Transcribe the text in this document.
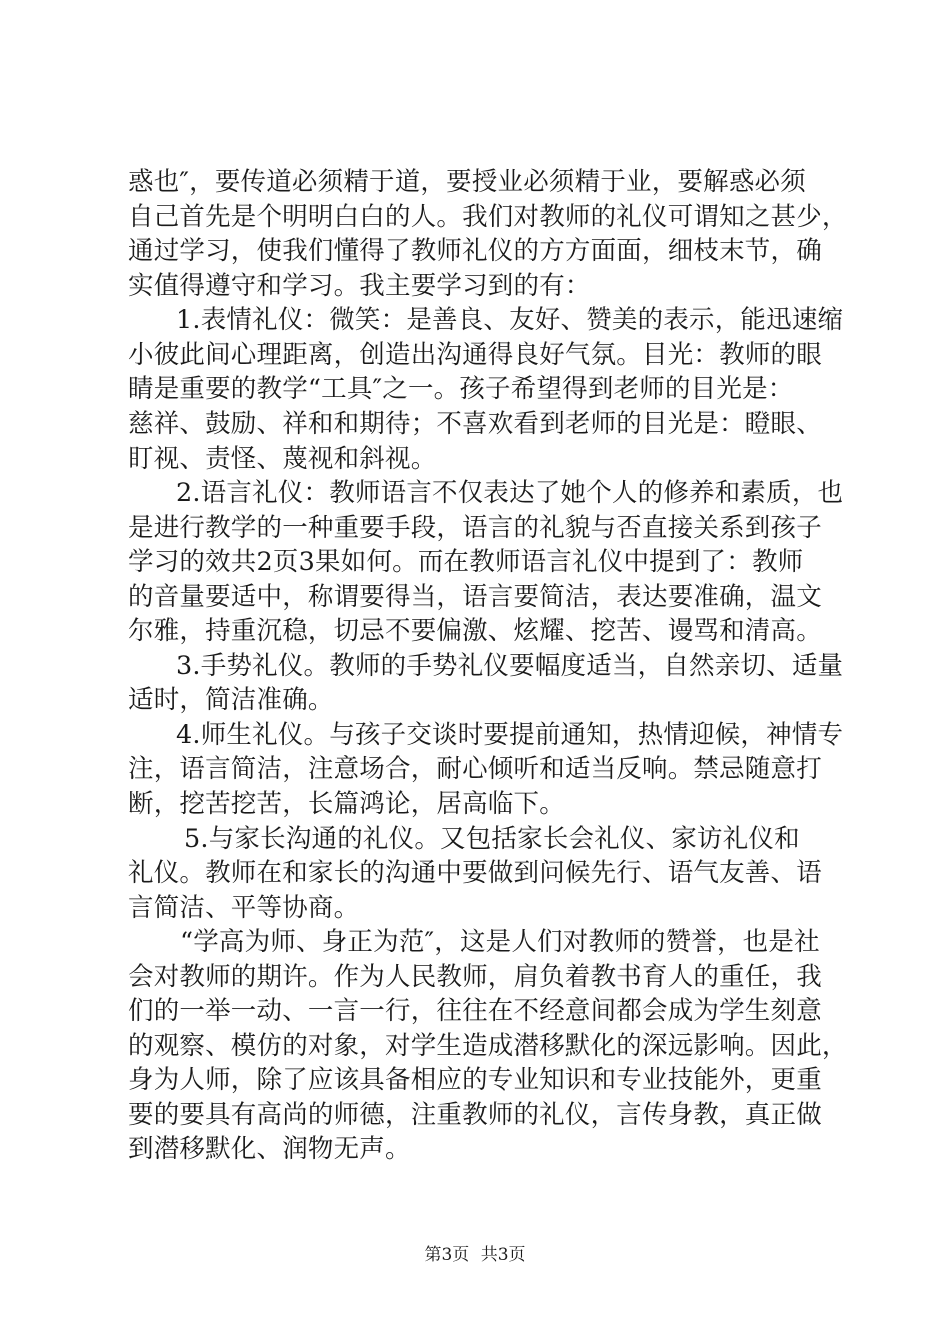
惑也″，要传道必须精于道，要授业必须精于业，要解惑必须
自己首先是个明明白白的人。我们对教师的礼仪可谓知之甚少，
通过学习，使我们懂得了教师礼仪的方方面面，细枝末节，确
实值得遵守和学习。我主要学习到的有：
1.表情礼仪：微笑：是善良、友好、赞美的表示，能迅速缩
小彼此间心理距离，创造出沟通得良好气氛。目光：教师的眼
睛是重要的教学“工具″之一。孩子希望得到老师的目光是：
慈祥、鼓励、祥和和期待；不喜欢看到老师的目光是：瞪眼、
盯视、责怪、蔑视和斜视。
2.语言礼仪：教师语言不仅表达了她个人的修养和素质，也
是进行教学的一种重要手段，语言的礼貌与否直接关系到孩子
学习的效共2页3果如何。而在教师语言礼仪中提到了：教师
的音量要适中，称谓要得当，语言要简洁，表达要准确，温文
尔雅，持重沉稳，切忌不要偏激、炫耀、挖苦、谩骂和清高。
3.手势礼仪。教师的手势礼仪要幅度适当，自然亲切、适量
适时，简洁准确。
4.师生礼仪。与孩子交谈时要提前通知，热情迎候，神情专
注，语言简洁，注意场合，耐心倾听和适当反响。禁忌随意打
断，挖苦挖苦，长篇鸿论，居高临下。
5.与家长沟通的礼仪。又包括家长会礼仪、家访礼仪和
礼仪。教师在和家长的沟通中要做到问候先行、语气友善、语
言简洁、平等协商。
“学高为师、身正为范″，这是人们对教师的赞誉，也是社
会对教师的期许。作为人民教师，肩负着教书育人的重任，我
们的一举一动、一言一行，往往在不经意间都会成为学生刻意
的观察、模仿的对象，对学生造成潜移默化的深远影响。因此，
身为人师，除了应该具备相应的专业知识和专业技能外，更重
要的要具有高尚的师德，注重教师的礼仪，言传身教，真正做
到潜移默化、润物无声。
第3页 共3页
